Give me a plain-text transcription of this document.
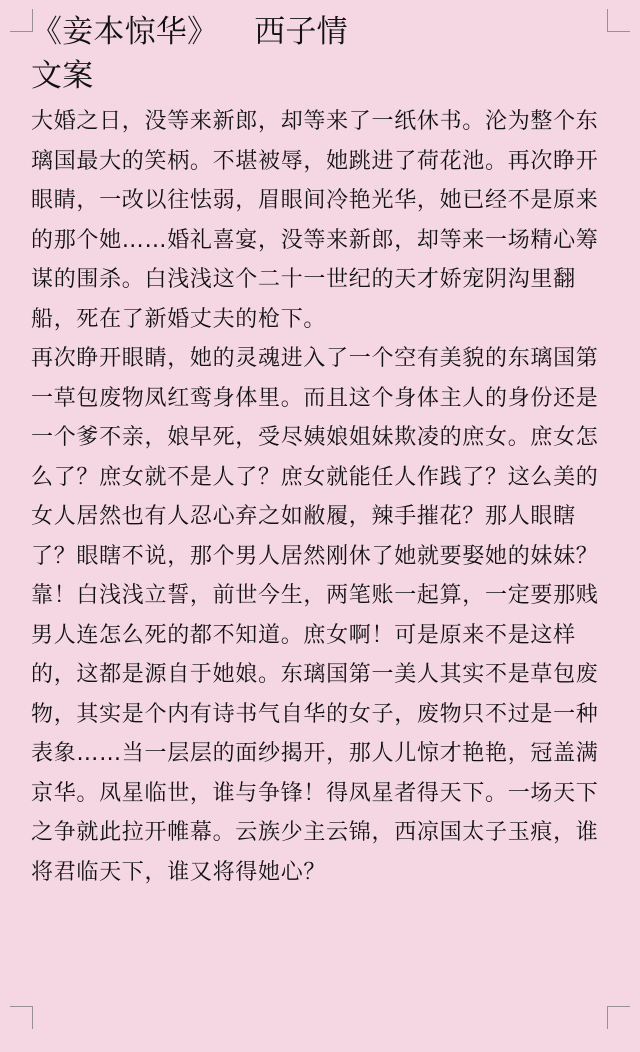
《妾本惊华》 西子情
文案

大婚之日，没等来新郎，却等来了一纸休书。沦为整个东璃国最大的笑柄。不堪被辱，她跳进了荷花池。再次睁开眼睛，一改以往怯弱，眉眼间冷艳光华，她已经不是原来的那个她……婚礼喜宴，没等来新郎，却等来一场精心筹谋的围杀。白浅浅这个二十一世纪的天才娇宠阴沟里翻船，死在了新婚丈夫的枪下。

再次睁开眼睛，她的灵魂进入了一个空有美貌的东璃国第一草包废物凤红鸾身体里。而且这个身体主人的身份还是一个爹不亲，娘早死，受尽姨娘姐妹欺凌的庶女。庶女怎么了？庶女就不是人了？庶女就能任人作践了？这么美的女人居然也有人忍心弃之如敝履，辣手摧花？那人眼瞎了？眼瞎不说，那个男人居然刚休了她就要娶她的妹妹？

靠！白浅浅立誓，前世今生，两笔账一起算，一定要那贱男人连怎么死的都不知道。庶女啊！可是原来不是这样的，这都是源自于她娘。东璃国第一美人其实不是草包废物，其实是个内有诗书气自华的女子，废物只不过是一种表象……当一层层的面纱揭开，那人儿惊才艳艳，冠盖满京华。凤星临世，谁与争锋！得凤星者得天下。一场天下之争就此拉开帷幕。云族少主云锦，西凉国太子玉痕，谁将君临天下，谁又将得她心？
